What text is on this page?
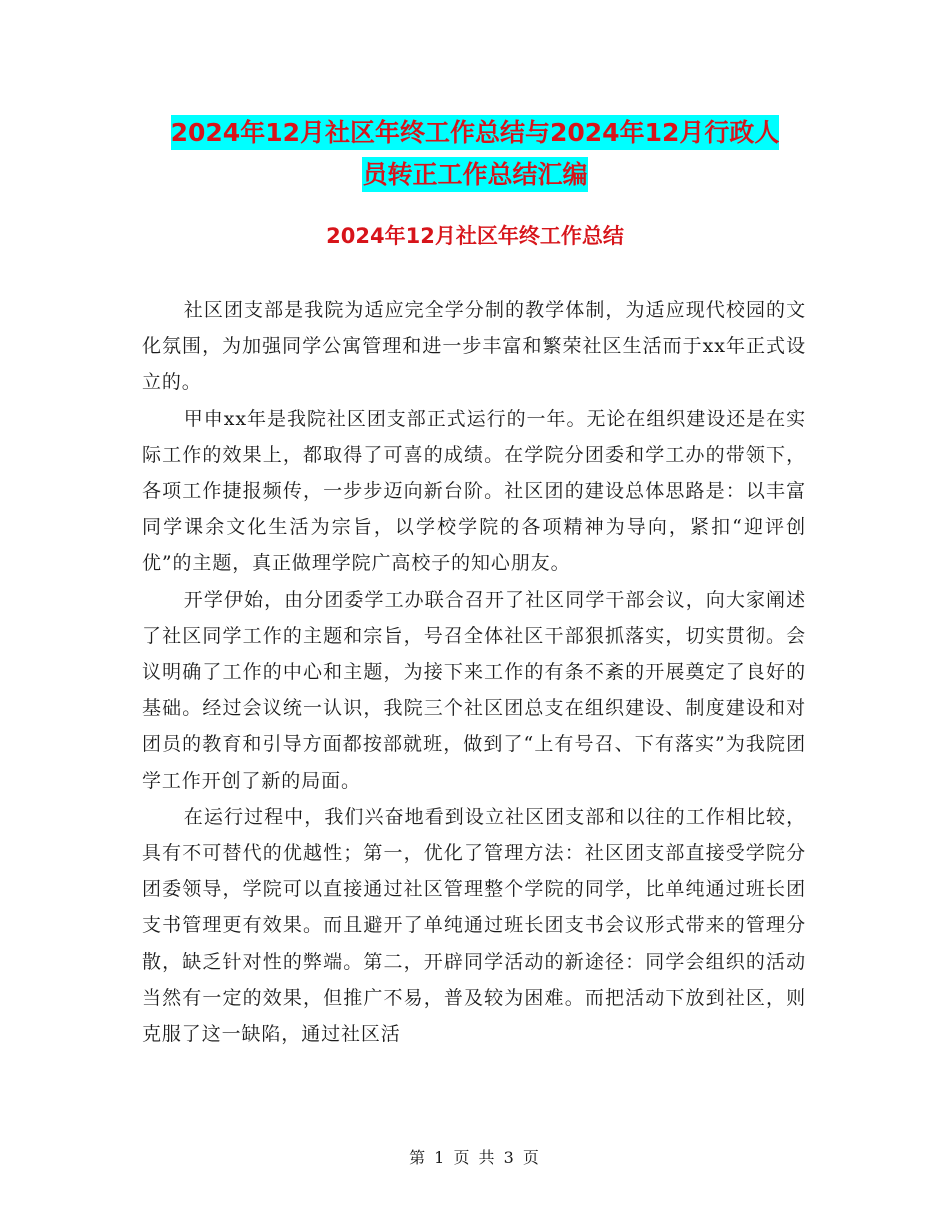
2024年12月社区年终工作总结与2024年12月行政人
员转正工作总结汇编
2024年12月社区年终工作总结

社区团支部是我院为适应完全学分制的教学体制，为适应现代校园的文化氛围，为加强同学公寓管理和进一步丰富和繁荣社区生活而于xx年正式设立的。

甲申xx年是我院社区团支部正式运行的一年。无论在组织建设还是在实际工作的效果上，都取得了可喜的成绩。在学院分团委和学工办的带领下，各项工作捷报频传，一步步迈向新台阶。社区团的建设总体思路是：以丰富同学课余文化生活为宗旨，以学校学院的各项精神为导向，紧扣“迎评创优”的主题，真正做理学院广高校子的知心朋友。

开学伊始，由分团委学工办联合召开了社区同学干部会议，向大家阐述了社区同学工作的主题和宗旨，号召全体社区干部狠抓落实，切实贯彻。会议明确了工作的中心和主题，为接下来工作的有条不紊的开展奠定了良好的基础。经过会议统一认识，我院三个社区团总支在组织建设、制度建设和对团员的教育和引导方面都按部就班，做到了“上有号召、下有落实”为我院团学工作开创了新的局面。

在运行过程中，我们兴奋地看到设立社区团支部和以往的工作相比较，具有不可替代的优越性；第一，优化了管理方法：社区团支部直接受学院分团委领导，学院可以直接通过社区管理整个学院的同学，比单纯通过班长团支书管理更有效果。而且避开了单纯通过班长团支书会议形式带来的管理分散，缺乏针对性的弊端。第二，开辟同学活动的新途径：同学会组织的活动当然有一定的效果，但推广不易，普及较为困难。而把活动下放到社区，则克服了这一缺陷，通过社区活

第 1 页 共 3 页
